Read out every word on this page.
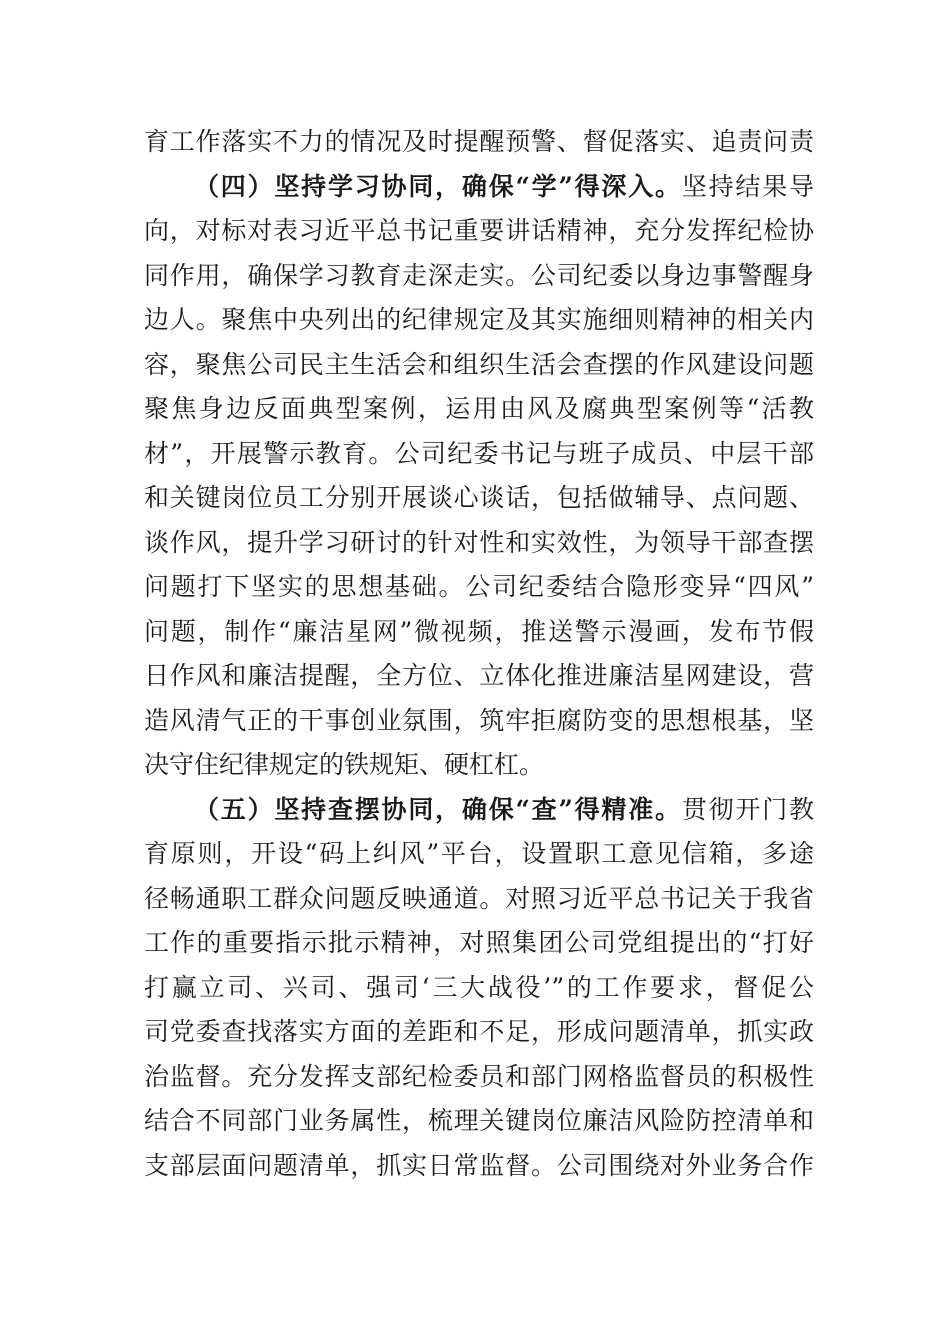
育工作落实不力的情况及时提醒预警、督促落实、追责问责
（四）坚持学习协同，确保“学”得深入。坚持结果导
向，对标对表习近平总书记重要讲话精神，充分发挥纪检协
同作用，确保学习教育走深走实。公司纪委以身边事警醒身
边人。聚焦中央列出的纪律规定及其实施细则精神的相关内
容，聚焦公司民主生活会和组织生活会查摆的作风建设问题
聚焦身边反面典型案例，运用由风及腐典型案例等“活教
材”，开展警示教育。公司纪委书记与班子成员、中层干部
和关键岗位员工分别开展谈心谈话，包括做辅导、点问题、
谈作风，提升学习研讨的针对性和实效性，为领导干部查摆
问题打下坚实的思想基础。公司纪委结合隐形变异“四风”
问题，制作“廉洁星网”微视频，推送警示漫画，发布节假
日作风和廉洁提醒，全方位、立体化推进廉洁星网建设，营
造风清气正的干事创业氛围，筑牢拒腐防变的思想根基，坚
决守住纪律规定的铁规矩、硬杠杠。
（五）坚持查摆协同，确保“查”得精准。贯彻开门教
育原则，开设“码上纠风”平台，设置职工意见信箱，多途
径畅通职工群众问题反映通道。对照习近平总书记关于我省
工作的重要指示批示精神，对照集团公司党组提出的“打好
打赢立司、兴司、强司‘三大战役’”的工作要求，督促公
司党委查找落实方面的差距和不足，形成问题清单，抓实政
治监督。充分发挥支部纪检委员和部门网格监督员的积极性
结合不同部门业务属性，梳理关键岗位廉洁风险防控清单和
支部层面问题清单，抓实日常监督。公司围绕对外业务合作
